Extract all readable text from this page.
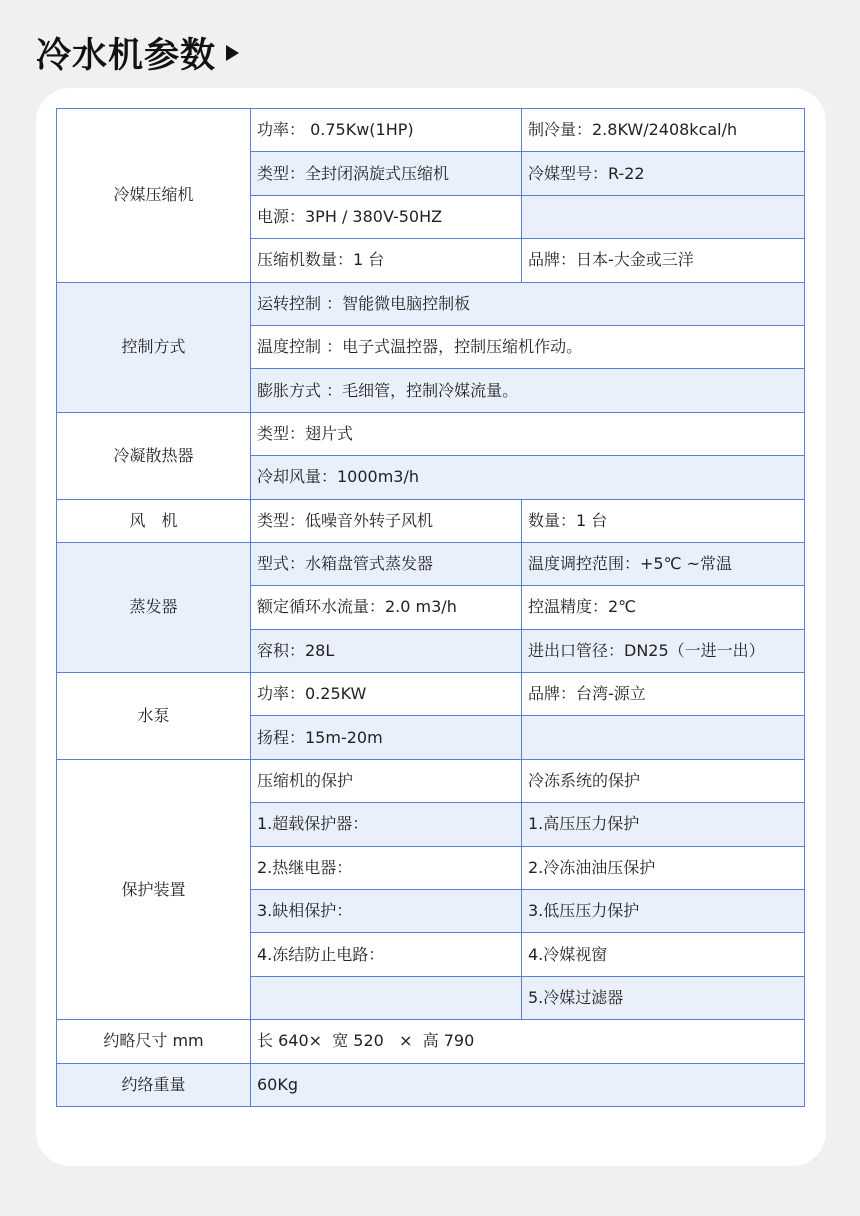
冷水机参数
冷媒压缩机	功率： 0.75Kw(1HP)	制冷量：2.8KW/2408kcal/h
	类型：全封闭涡旋式压缩机	冷媒型号：R-22
	电源：3PH / 380V-50HZ	
	压缩机数量：1 台	品牌：日本-大金或三洋
控制方式	运转控制 ：智能微电脑控制板	
	温度控制 ：电子式温控器，控制压缩机作动。	
	膨胀方式 ：毛细管，控制冷媒流量。	
冷凝散热器	类型：翅片式	
	冷却风量：1000m3/h	
风　机	类型：低噪音外转子风机	数量：1 台
蒸发器	型式：水箱盘管式蒸发器	温度调控范围：+5℃ ~常温
	额定循环水流量：2.0 m3/h	控温精度：2℃
	容积：28L	进出口管径：DN25（一进一出）
水泵	功率：0.25KW	品牌：台湾-源立
	扬程：15m-20m	
保护装置	压缩机的保护	冷冻系统的保护
	1.超载保护器：	1.高压压力保护
	2.热继电器：	2.冷冻油油压保护
	3.缺相保护：	3.低压压力保护
	4.冻结防止电路：	4.冷媒视窗
		5.冷媒过滤器
约略尺寸 mm	长 640×  宽 520   ×  高 790	
约络重量	60Kg	
